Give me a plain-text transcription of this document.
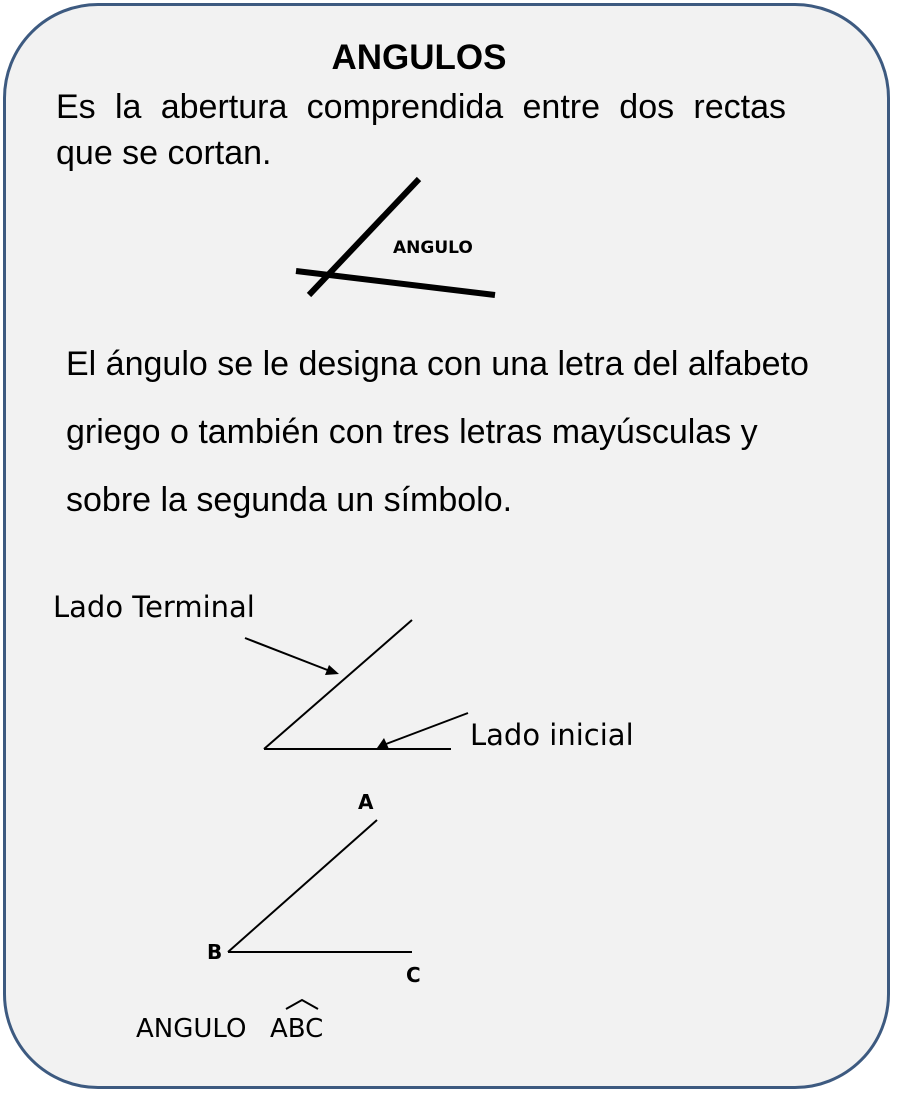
ANGULOS
Es la abertura comprendida entre dos rectas que se cortan.
ANGULO
El ángulo se le designa con una letra del alfabeto griego o también con tres letras mayúsculas y sobre la segunda un símbolo.
Lado Terminal
Lado inicial
A
B
C
ANGULO ABC
